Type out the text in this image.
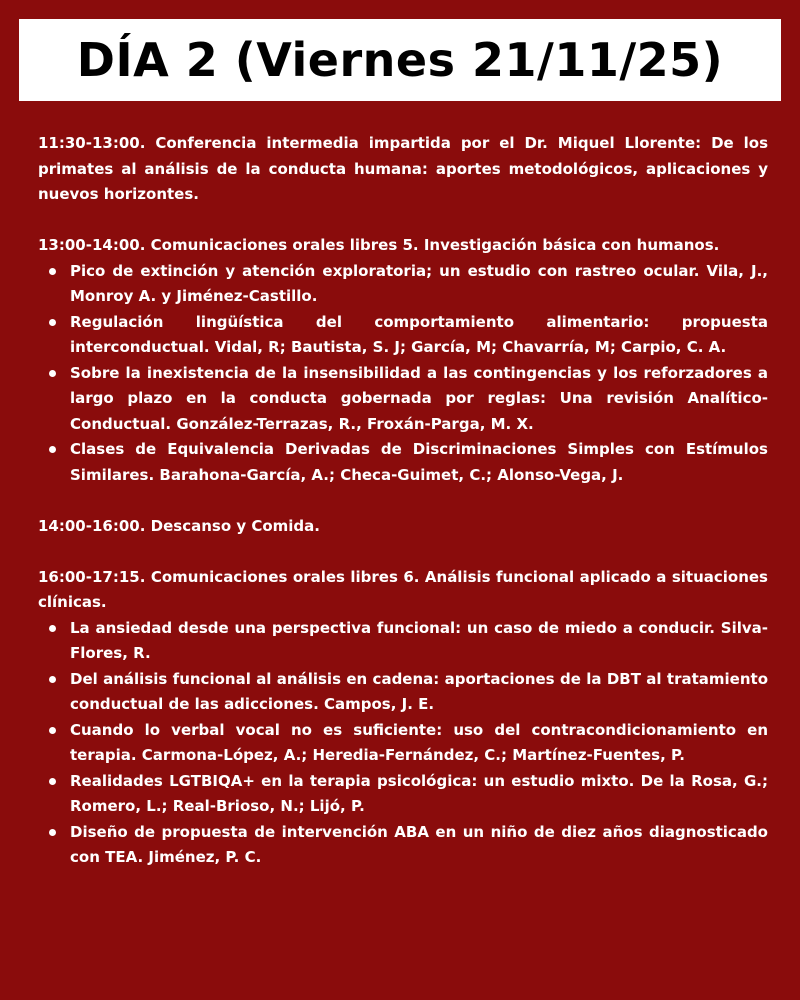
DÍA 2 (Viernes 21/11/25)

11:30-13:00. Conferencia intermedia impartida por el Dr. Miquel Llorente: De los primates al análisis de la conducta humana: aportes metodológicos, aplicaciones y nuevos horizontes.

13:00-14:00. Comunicaciones orales libres 5. Investigación básica con humanos.

Pico de extinción y atención exploratoria; un estudio con rastreo ocular. Vila, J., Monroy A. y Jiménez-Castillo.
Regulación lingüística del comportamiento alimentario: propuesta interconductual. Vidal, R; Bautista, S. J; García, M; Chavarría, M; Carpio, C. A.
Sobre la inexistencia de la insensibilidad a las contingencias y los reforzadores a largo plazo en la conducta gobernada por reglas: Una revisión Analítico-Conductual. González-Terrazas, R., Froxán-Parga, M. X.
Clases de Equivalencia Derivadas de Discriminaciones Simples con Estímulos Similares. Barahona-García, A.; Checa-Guimet, C.; Alonso-Vega, J.

14:00-16:00. Descanso y Comida.

16:00-17:15. Comunicaciones orales libres 6. Análisis funcional aplicado a situaciones clínicas.

La ansiedad desde una perspectiva funcional: un caso de miedo a conducir. Silva-Flores, R.
Del análisis funcional al análisis en cadena: aportaciones de la DBT al tratamiento conductual de las adicciones. Campos, J. E.
Cuando lo verbal vocal no es suficiente: uso del contracondicionamiento en terapia. Carmona-López, A.; Heredia-Fernández, C.; Martínez-Fuentes, P.
Realidades LGTBIQA+ en la terapia psicológica: un estudio mixto. De la Rosa, G.; Romero, L.; Real-Brioso, N.; Lijó, P.
Diseño de propuesta de intervención ABA en un niño de diez años diagnosticado con TEA. Jiménez, P. C.
